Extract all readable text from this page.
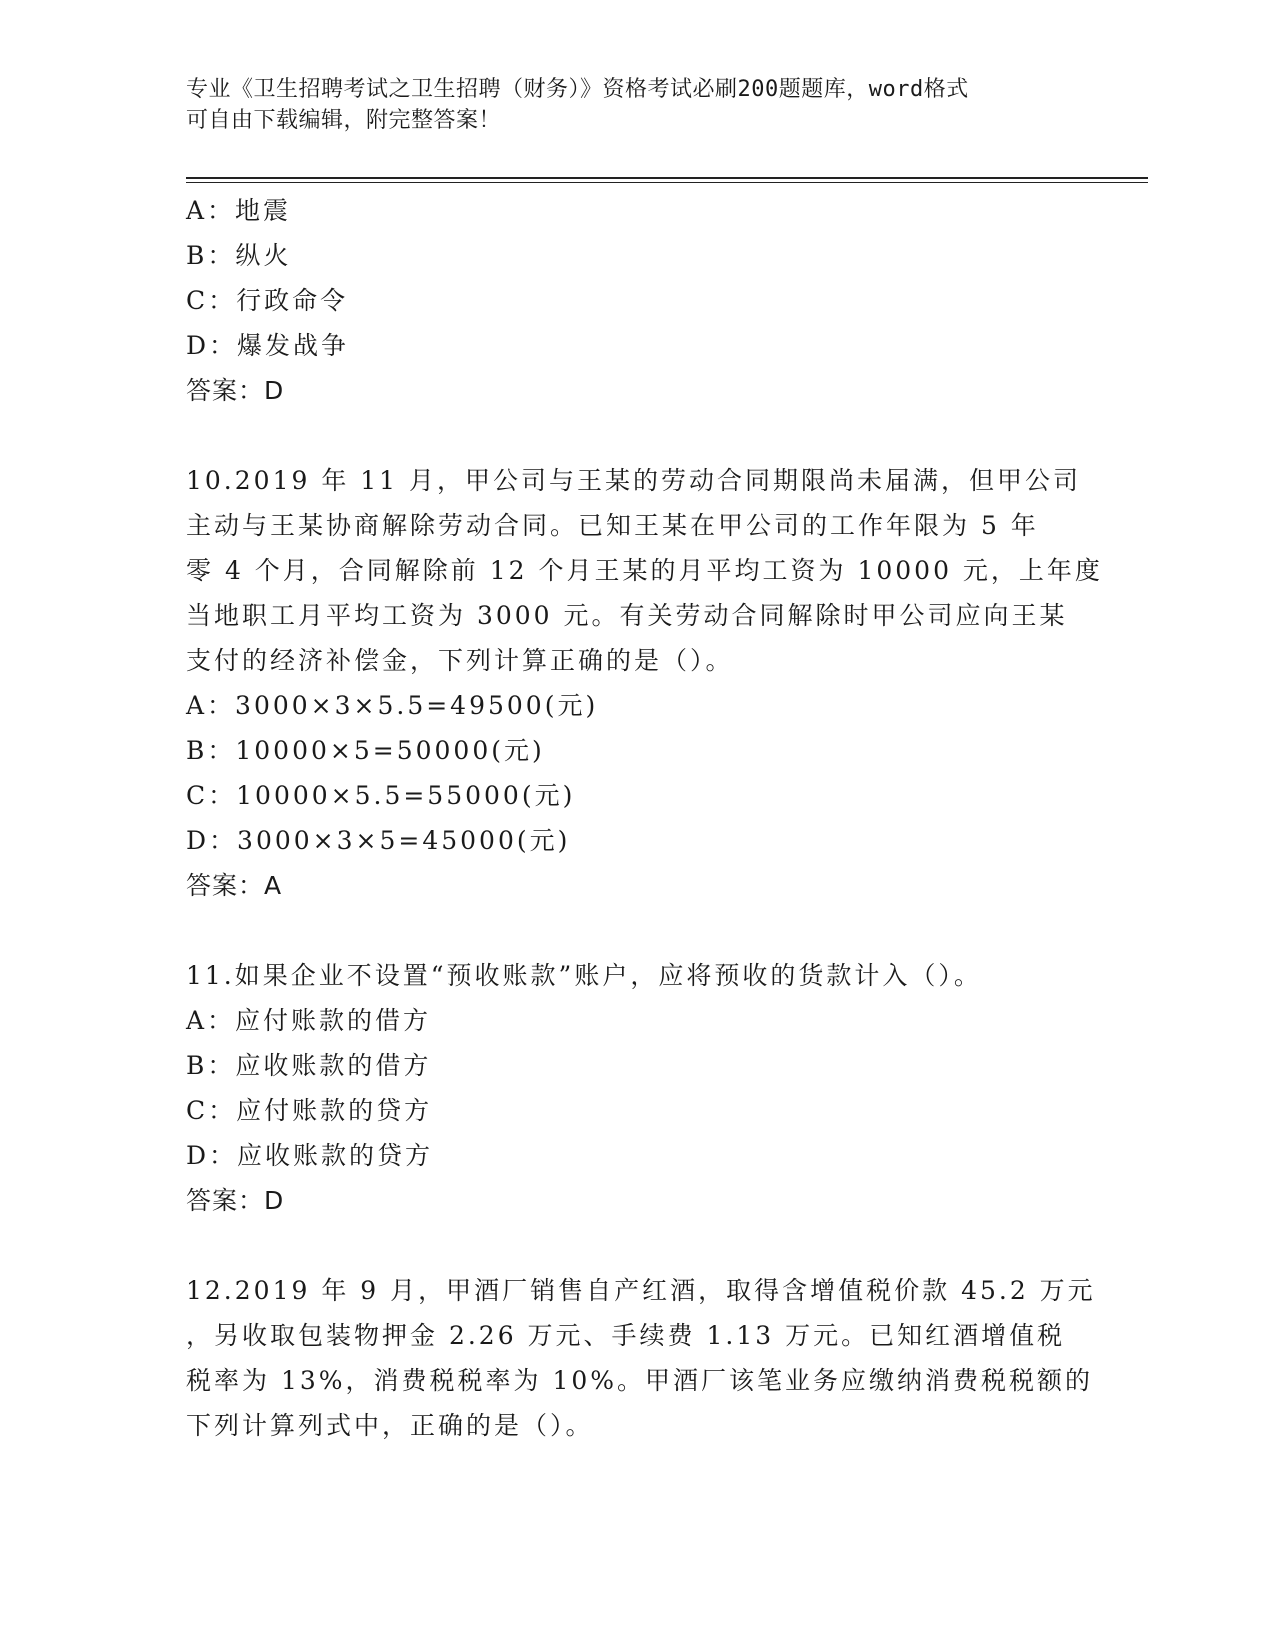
专业《卫生招聘考试之卫生招聘（财务）》资格考试必刷200题题库，word格式
可自由下载编辑，附完整答案！
A：地震
B：纵火
C：行政命令
D：爆发战争
答案：D
10.2019 年 11 月，甲公司与王某的劳动合同期限尚未届满，但甲公司
主动与王某协商解除劳动合同。已知王某在甲公司的工作年限为 5 年
零 4 个月，合同解除前 12 个月王某的月平均工资为 10000 元，上年度
当地职工月平均工资为 3000 元。有关劳动合同解除时甲公司应向王某
支付的经济补偿金，下列计算正确的是（）。
A：3000×3×5.5=49500(元)
B：10000×5=50000(元)
C：10000×5.5=55000(元)
D：3000×3×5=45000(元)
答案：A
11.如果企业不设置“预收账款”账户，应将预收的货款计入（）。
A：应付账款的借方
B：应收账款的借方
C：应付账款的贷方
D：应收账款的贷方
答案：D
12.2019 年 9 月，甲酒厂销售自产红酒，取得含增值税价款 45.2 万元
，另收取包装物押金 2.26 万元、手续费 1.13 万元。已知红酒增值税
税率为 13%，消费税税率为 10%。甲酒厂该笔业务应缴纳消费税税额的
下列计算列式中，正确的是（）。
